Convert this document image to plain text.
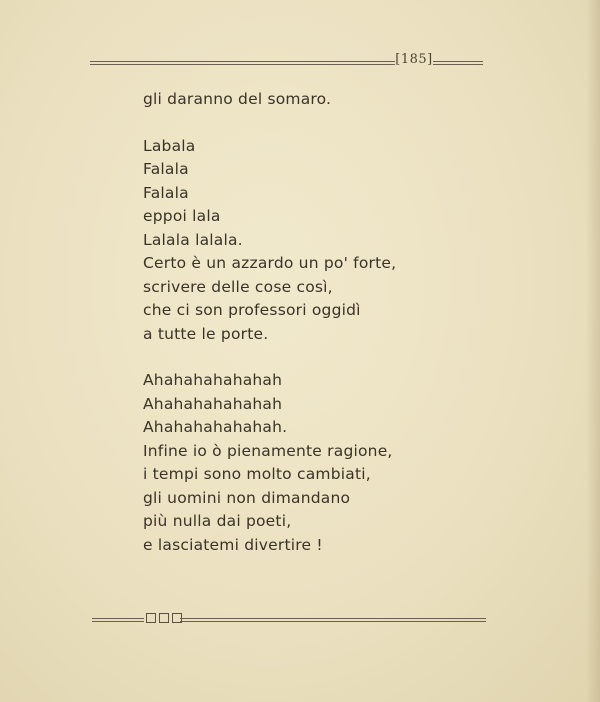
[185]
gli daranno del somaro.
Labala
Falala
Falala
eppoi lala
Lalala lalala.
Certo è un azzardo un po' forte,
scrivere delle cose così,
che ci son professori oggidì
a tutte le porte.
Ahahahahahahah
Ahahahahahahah
Ahahahahahahah.
Infine io ò pienamente ragione,
i tempi sono molto cambiati,
gli uomini non dimandano
più nulla dai poeti,
e lasciatemi divertire !
